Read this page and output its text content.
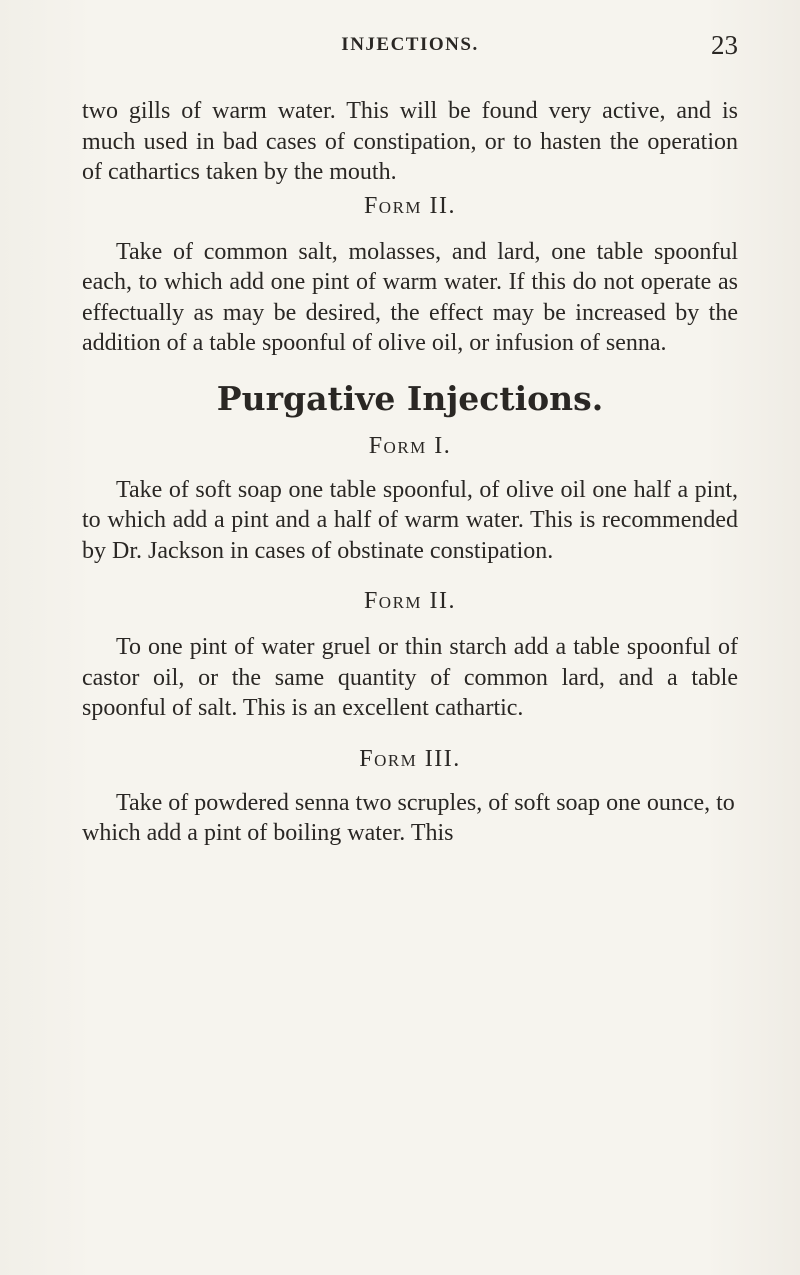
INJECTIONS.	23

two gills of warm water. This will be found very active, and is much used in bad cases of constipation, or to hasten the operation of cathartics taken by the mouth.

Form II.

Take of common salt, molasses, and lard, one table spoonful each, to which add one pint of warm water. If this do not operate as effectually as may be desired, the effect may be increased by the addition of a table spoonful of olive oil, or infusion of senna.

Purgative Injections.

Form I.

Take of soft soap one table spoonful, of olive oil one half a pint, to which add a pint and a half of warm water. This is recommended by Dr. Jackson in cases of obstinate constipation.

Form II.

To one pint of water gruel or thin starch add a table spoonful of castor oil, or the same quantity of common lard, and a table spoonful of salt. This is an excellent cathartic.

Form III.

Take of powdered senna two scruples, of soft soap one ounce, to which add a pint of boiling water. This
